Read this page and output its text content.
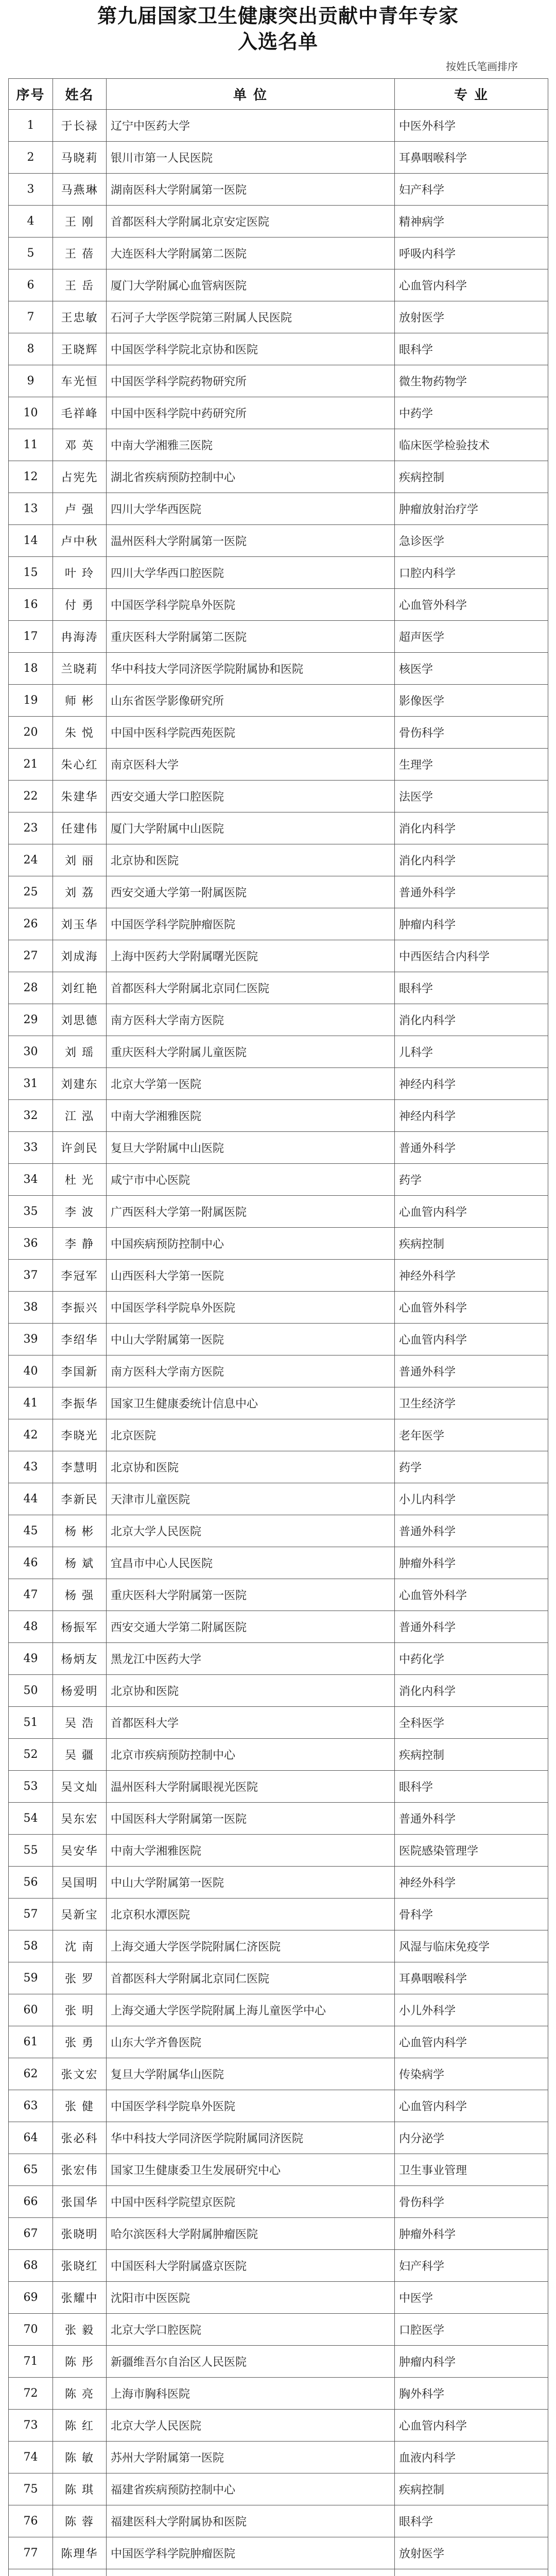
第九届国家卫生健康突出贡献中青年专家
入选名单
按姓氏笔画排序
序号	姓名	单 位	专 业
1	于长禄	辽宁中医药大学	中医外科学
2	马晓莉	银川市第一人民医院	耳鼻咽喉科学
3	马燕琳	湖南医科大学附属第一医院	妇产科学
4	王 刚	首都医科大学附属北京安定医院	精神病学
5	王 蓓	大连医科大学附属第二医院	呼吸内科学
6	王 岳	厦门大学附属心血管病医院	心血管内科学
7	王忠敏	石河子大学医学院第三附属人民医院	放射医学
8	王晓辉	中国医学科学院北京协和医院	眼科学
9	车光恒	中国医学科学院药物研究所	微生物药物学
10	毛祥峰	中国中医科学院中药研究所	中药学
11	邓 英	中南大学湘雅三医院	临床医学检验技术
12	占宪先	湖北省疾病预防控制中心	疾病控制
13	卢 强	四川大学华西医院	肿瘤放射治疗学
14	卢中秋	温州医科大学附属第一医院	急诊医学
15	叶 玲	四川大学华西口腔医院	口腔内科学
16	付 勇	中国医学科学院阜外医院	心血管外科学
17	冉海涛	重庆医科大学附属第二医院	超声医学
18	兰晓莉	华中科技大学同济医学院附属协和医院	核医学
19	师 彬	山东省医学影像研究所	影像医学
20	朱 悦	中国中医科学院西苑医院	骨伤科学
21	朱心红	南京医科大学	生理学
22	朱建华	西安交通大学口腔医院	法医学
23	任建伟	厦门大学附属中山医院	消化内科学
24	刘 丽	北京协和医院	消化内科学
25	刘 荔	西安交通大学第一附属医院	普通外科学
26	刘玉华	中国医学科学院肿瘤医院	肿瘤内科学
27	刘成海	上海中医药大学附属曙光医院	中西医结合内科学
28	刘红艳	首都医科大学附属北京同仁医院	眼科学
29	刘思德	南方医科大学南方医院	消化内科学
30	刘 瑶	重庆医科大学附属儿童医院	儿科学
31	刘建东	北京大学第一医院	神经内科学
32	江 泓	中南大学湘雅医院	神经内科学
33	许剑民	复旦大学附属中山医院	普通外科学
34	杜 光	咸宁市中心医院	药学
35	李 波	广西医科大学第一附属医院	心血管内科学
36	李 静	中国疾病预防控制中心	疾病控制
37	李冠军	山西医科大学第一医院	神经外科学
38	李振兴	中国医学科学院阜外医院	心血管外科学
39	李绍华	中山大学附属第一医院	心血管内科学
40	李国新	南方医科大学南方医院	普通外科学
41	李振华	国家卫生健康委统计信息中心	卫生经济学
42	李晓光	北京医院	老年医学
43	李慧明	北京协和医院	药学
44	李新民	天津市儿童医院	小儿内科学
45	杨 彬	北京大学人民医院	普通外科学
46	杨 斌	宜昌市中心人民医院	肿瘤外科学
47	杨 强	重庆医科大学附属第一医院	心血管外科学
48	杨振军	西安交通大学第二附属医院	普通外科学
49	杨炳友	黑龙江中医药大学	中药化学
50	杨爱明	北京协和医院	消化内科学
51	吴 浩	首都医科大学	全科医学
52	吴 疆	北京市疾病预防控制中心	疾病控制
53	吴文灿	温州医科大学附属眼视光医院	眼科学
54	吴东宏	中国医科大学附属第一医院	普通外科学
55	吴安华	中南大学湘雅医院	医院感染管理学
56	吴国明	中山大学附属第一医院	神经外科学
57	吴新宝	北京积水潭医院	骨科学
58	沈 南	上海交通大学医学院附属仁济医院	风湿与临床免疫学
59	张 罗	首都医科大学附属北京同仁医院	耳鼻咽喉科学
60	张 明	上海交通大学医学院附属上海儿童医学中心	小儿外科学
61	张 勇	山东大学齐鲁医院	心血管内科学
62	张文宏	复旦大学附属华山医院	传染病学
63	张 健	中国医学科学院阜外医院	心血管内科学
64	张必科	华中科技大学同济医学院附属同济医院	内分泌学
65	张宏伟	国家卫生健康委卫生发展研究中心	卫生事业管理
66	张国华	中国中医科学院望京医院	骨伤科学
67	张晓明	哈尔滨医科大学附属肿瘤医院	肿瘤外科学
68	张晓红	中国医科大学附属盛京医院	妇产科学
69	张耀中	沈阳市中医医院	中医学
70	张 毅	北京大学口腔医院	口腔医学
71	陈 彤	新疆维吾尔自治区人民医院	肿瘤内科学
72	陈 亮	上海市胸科医院	胸外科学
73	陈 红	北京大学人民医院	心血管内科学
74	陈 敏	苏州大学附属第一医院	血液内科学
75	陈 琪	福建省疾病预防控制中心	疾病控制
76	陈 蓉	福建医科大学附属协和医院	眼科学
77	陈理华	中国医学科学院肿瘤医院	放射医学
